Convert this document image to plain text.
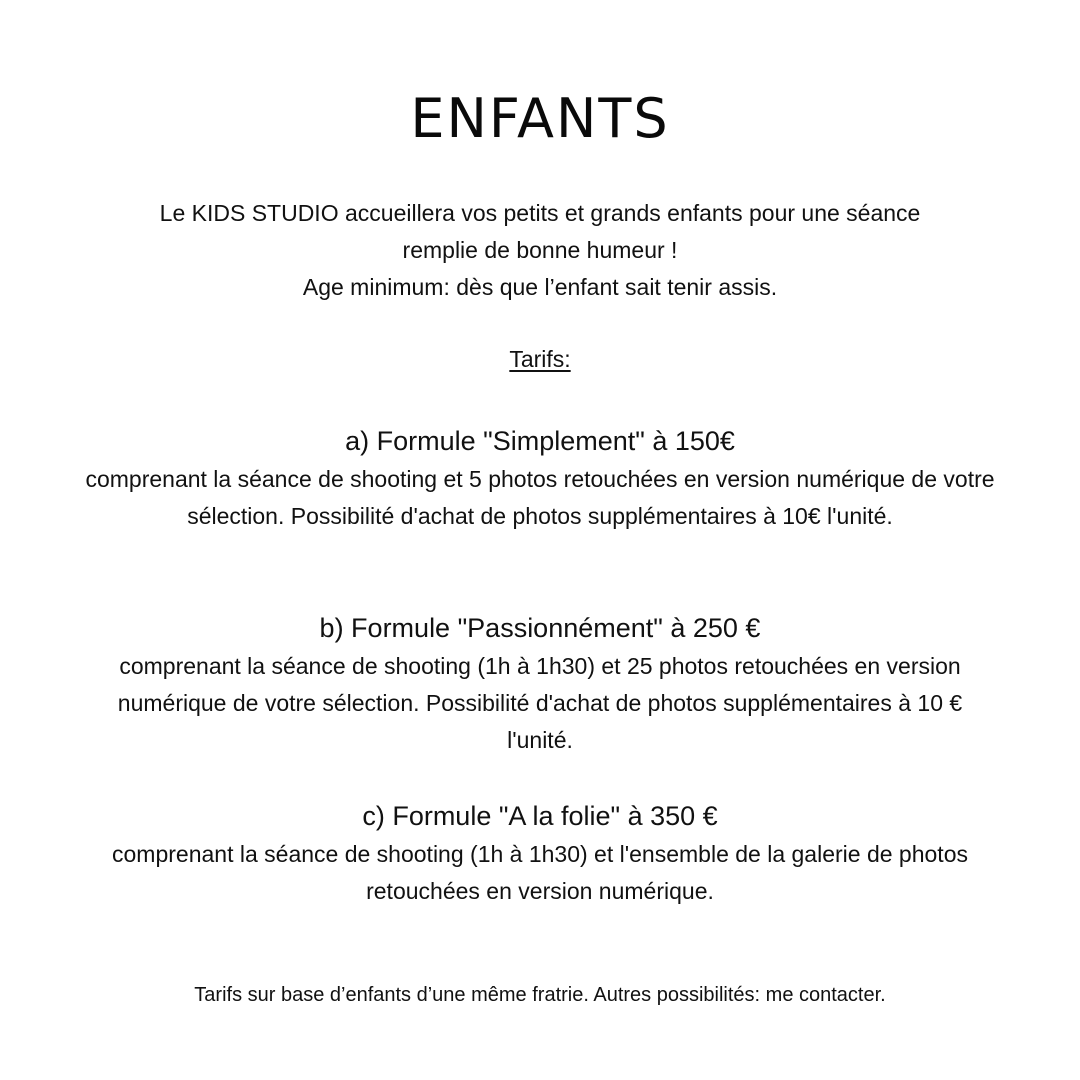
ENFANTS
Le KIDS STUDIO accueillera vos petits et grands enfants pour une séance remplie de bonne humeur !
Age minimum: dès que l’enfant sait tenir assis.

Tarifs:

a) Formule "Simplement" à 150€
comprenant la séance de shooting et 5 photos retouchées en version numérique de votre sélection. Possibilité d'achat de photos supplémentaires à 10€ l'unité.
b) Formule "Passionnément" à 250 €
comprenant la séance de shooting (1h à 1h30) et 25 photos retouchées en version numérique de votre sélection. Possibilité d'achat de photos supplémentaires à 10 € l'unité.
c) Formule "A la folie" à 350 €
comprenant la séance de shooting (1h à 1h30) et l'ensemble de la galerie de photos retouchées en version numérique.

Tarifs sur base d’enfants d’une même fratrie. Autres possibilités: me contacter.
